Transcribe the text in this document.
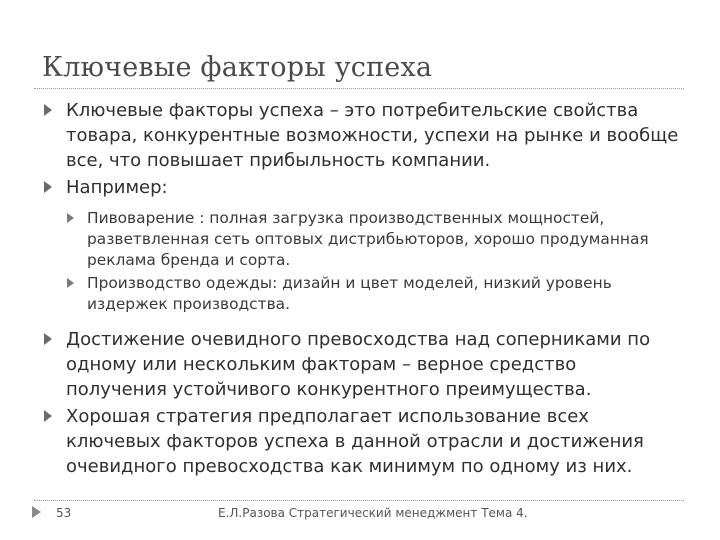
Ключевые факторы успеха
Ключевые факторы успеха – это потребительские свойства товара, конкурентные возможности, успехи на рынке и вообще все, что повышает прибыльность компании.
Например:
Пивоварение : полная загрузка производственных мощностей, разветвленная сеть оптовых дистрибьюторов, хорошо продуманная реклама бренда и сорта.
Производство одежды: дизайн и цвет моделей, низкий уровень издержек производства.
Достижение очевидного превосходства над соперниками по одному или нескольким факторам – верное средство получения устойчивого конкурентного преимущества.
Хорошая стратегия предполагает использование всех ключевых факторов успеха в данной отрасли и достижения очевидного превосходства как минимум по одному из них.
53	Е.Л.Разова Стратегический менеджмент Тема 4.
